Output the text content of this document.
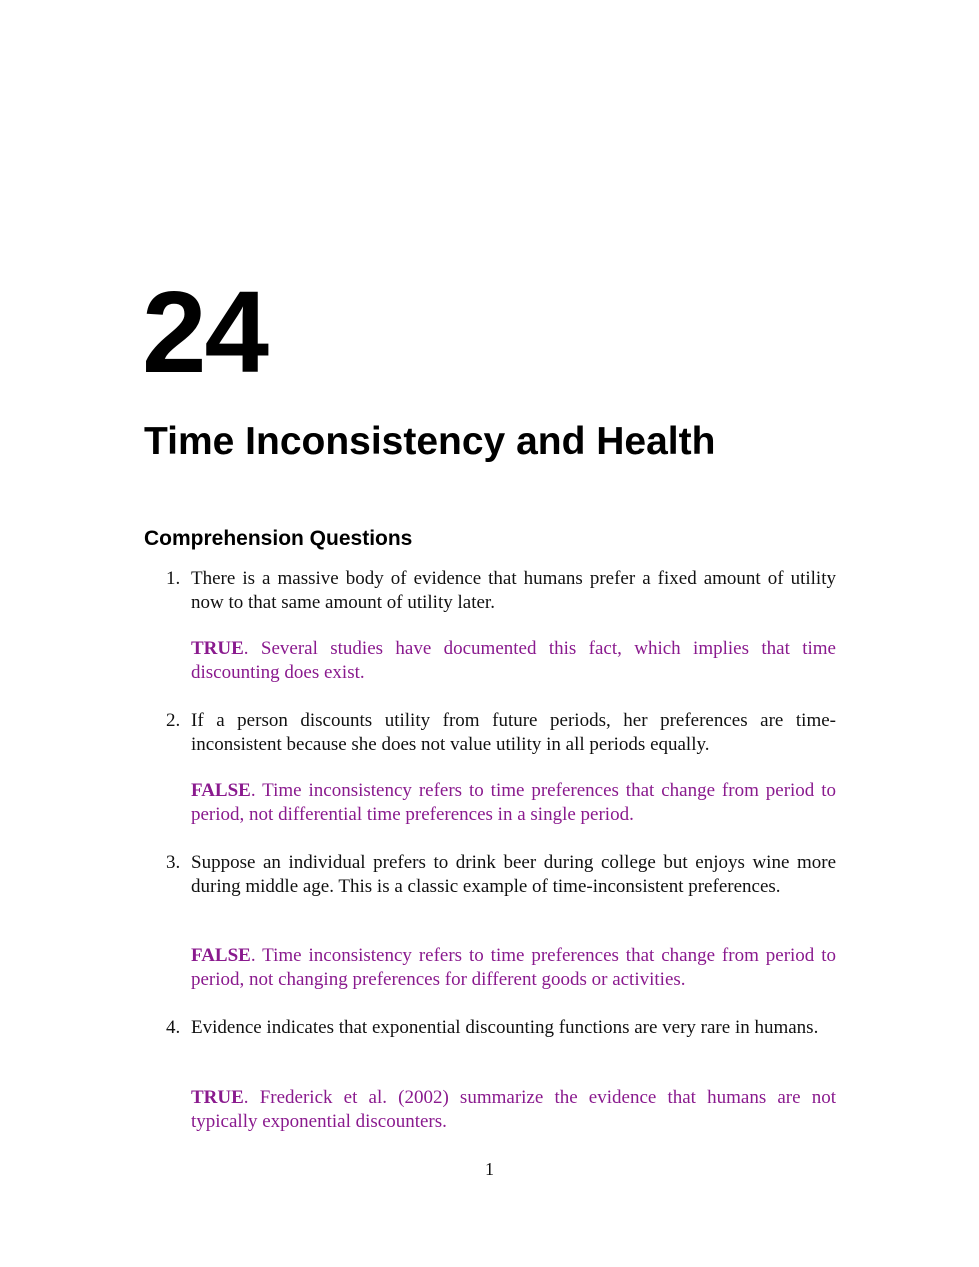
24
Time Inconsistency and Health
Comprehension Questions
1. There is a massive body of evidence that humans prefer a fixed amount of utility now to that same amount of utility later.

TRUE. Several studies have documented this fact, which implies that time discounting does exist.

2. If a person discounts utility from future periods, her preferences are time-inconsistent because she does not value utility in all periods equally.

FALSE. Time inconsistency refers to time preferences that change from period to period, not differential time preferences in a single period.

3. Suppose an individual prefers to drink beer during college but enjoys wine more during middle age. This is a classic example of time-inconsistent preferences.

FALSE. Time inconsistency refers to time preferences that change from period to period, not changing preferences for different goods or activities.

4. Evidence indicates that exponential discounting functions are very rare in humans.

TRUE. Frederick et al. (2002) summarize the evidence that humans are not typically exponential discounters.

1
